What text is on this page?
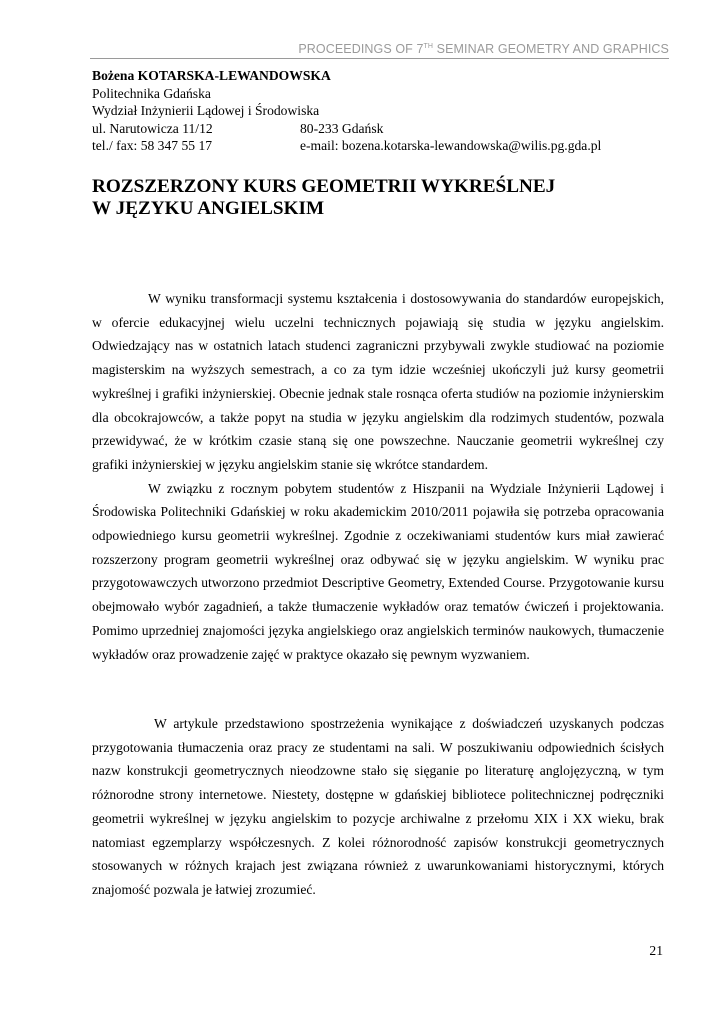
PROCEEDINGS OF 7TH SEMINAR GEOMETRY AND GRAPHICS
Bożena KOTARSKA-LEWANDOWSKA
Politechnika Gdańska
Wydział Inżynierii Lądowej i Środowiska
ul. Narutowicza 11/12	80-233 Gdańsk
tel./ fax: 58 347 55 17	e-mail: bozena.kotarska-lewandowska@wilis.pg.gda.pl
ROZSZERZONY KURS GEOMETRII WYKREŚLNEJ
W JĘZYKU ANGIELSKIM

W wyniku transformacji systemu kształcenia i dostosowywania do standardów europejskich, w ofercie edukacyjnej wielu uczelni technicznych pojawiają się studia w języku angielskim. Odwiedzający nas w ostatnich latach studenci zagraniczni przybywali zwykle studiować na poziomie magisterskim na wyższych semestrach, a co za tym idzie wcześniej ukończyli już kursy geometrii wykreślnej i grafiki inżynierskiej. Obecnie jednak stale rosnąca oferta studiów na poziomie inżynierskim dla obcokrajowców, a także popyt na studia w języku angielskim dla rodzimych studentów, pozwala przewidywać, że w krótkim czasie staną się one powszechne. Nauczanie geometrii wykreślnej czy grafiki inżynierskiej w języku angielskim stanie się wkrótce standardem.

W związku z rocznym pobytem studentów z Hiszpanii na Wydziale Inżynierii Lądowej i Środowiska Politechniki Gdańskiej w roku akademickim 2010/2011 pojawiła się potrzeba opracowania odpowiedniego kursu geometrii wykreślnej. Zgodnie z oczekiwaniami studentów kurs miał zawierać rozszerzony program geometrii wykreślnej oraz odbywać się w języku angielskim. W wyniku prac przygotowawczych utworzono przedmiot Descriptive Geometry, Extended Course. Przygotowanie kursu obejmowało wybór zagadnień, a także tłumaczenie wykładów oraz tematów ćwiczeń i projektowania. Pomimo uprzedniej znajomości języka angielskiego oraz angielskich terminów naukowych, tłumaczenie wykładów oraz prowadzenie zajęć w praktyce okazało się pewnym wyzwaniem.

W artykule przedstawiono spostrzeżenia wynikające z doświadczeń uzyskanych podczas przygotowania tłumaczenia oraz pracy ze studentami na sali. W poszukiwaniu odpowiednich ścisłych nazw konstrukcji geometrycznych nieodzowne stało się sięganie po literaturę anglojęzyczną, w tym różnorodne strony internetowe. Niestety, dostępne w gdańskiej bibliotece politechnicznej podręczniki geometrii wykreślnej w języku angielskim to pozycje archiwalne z przełomu XIX i XX wieku, brak natomiast egzemplarzy współczesnych. Z kolei różnorodność zapisów konstrukcji geometrycznych stosowanych w różnych krajach jest związana również z uwarunkowaniami historycznymi, których znajomość pozwala je łatwiej zrozumieć.

21
